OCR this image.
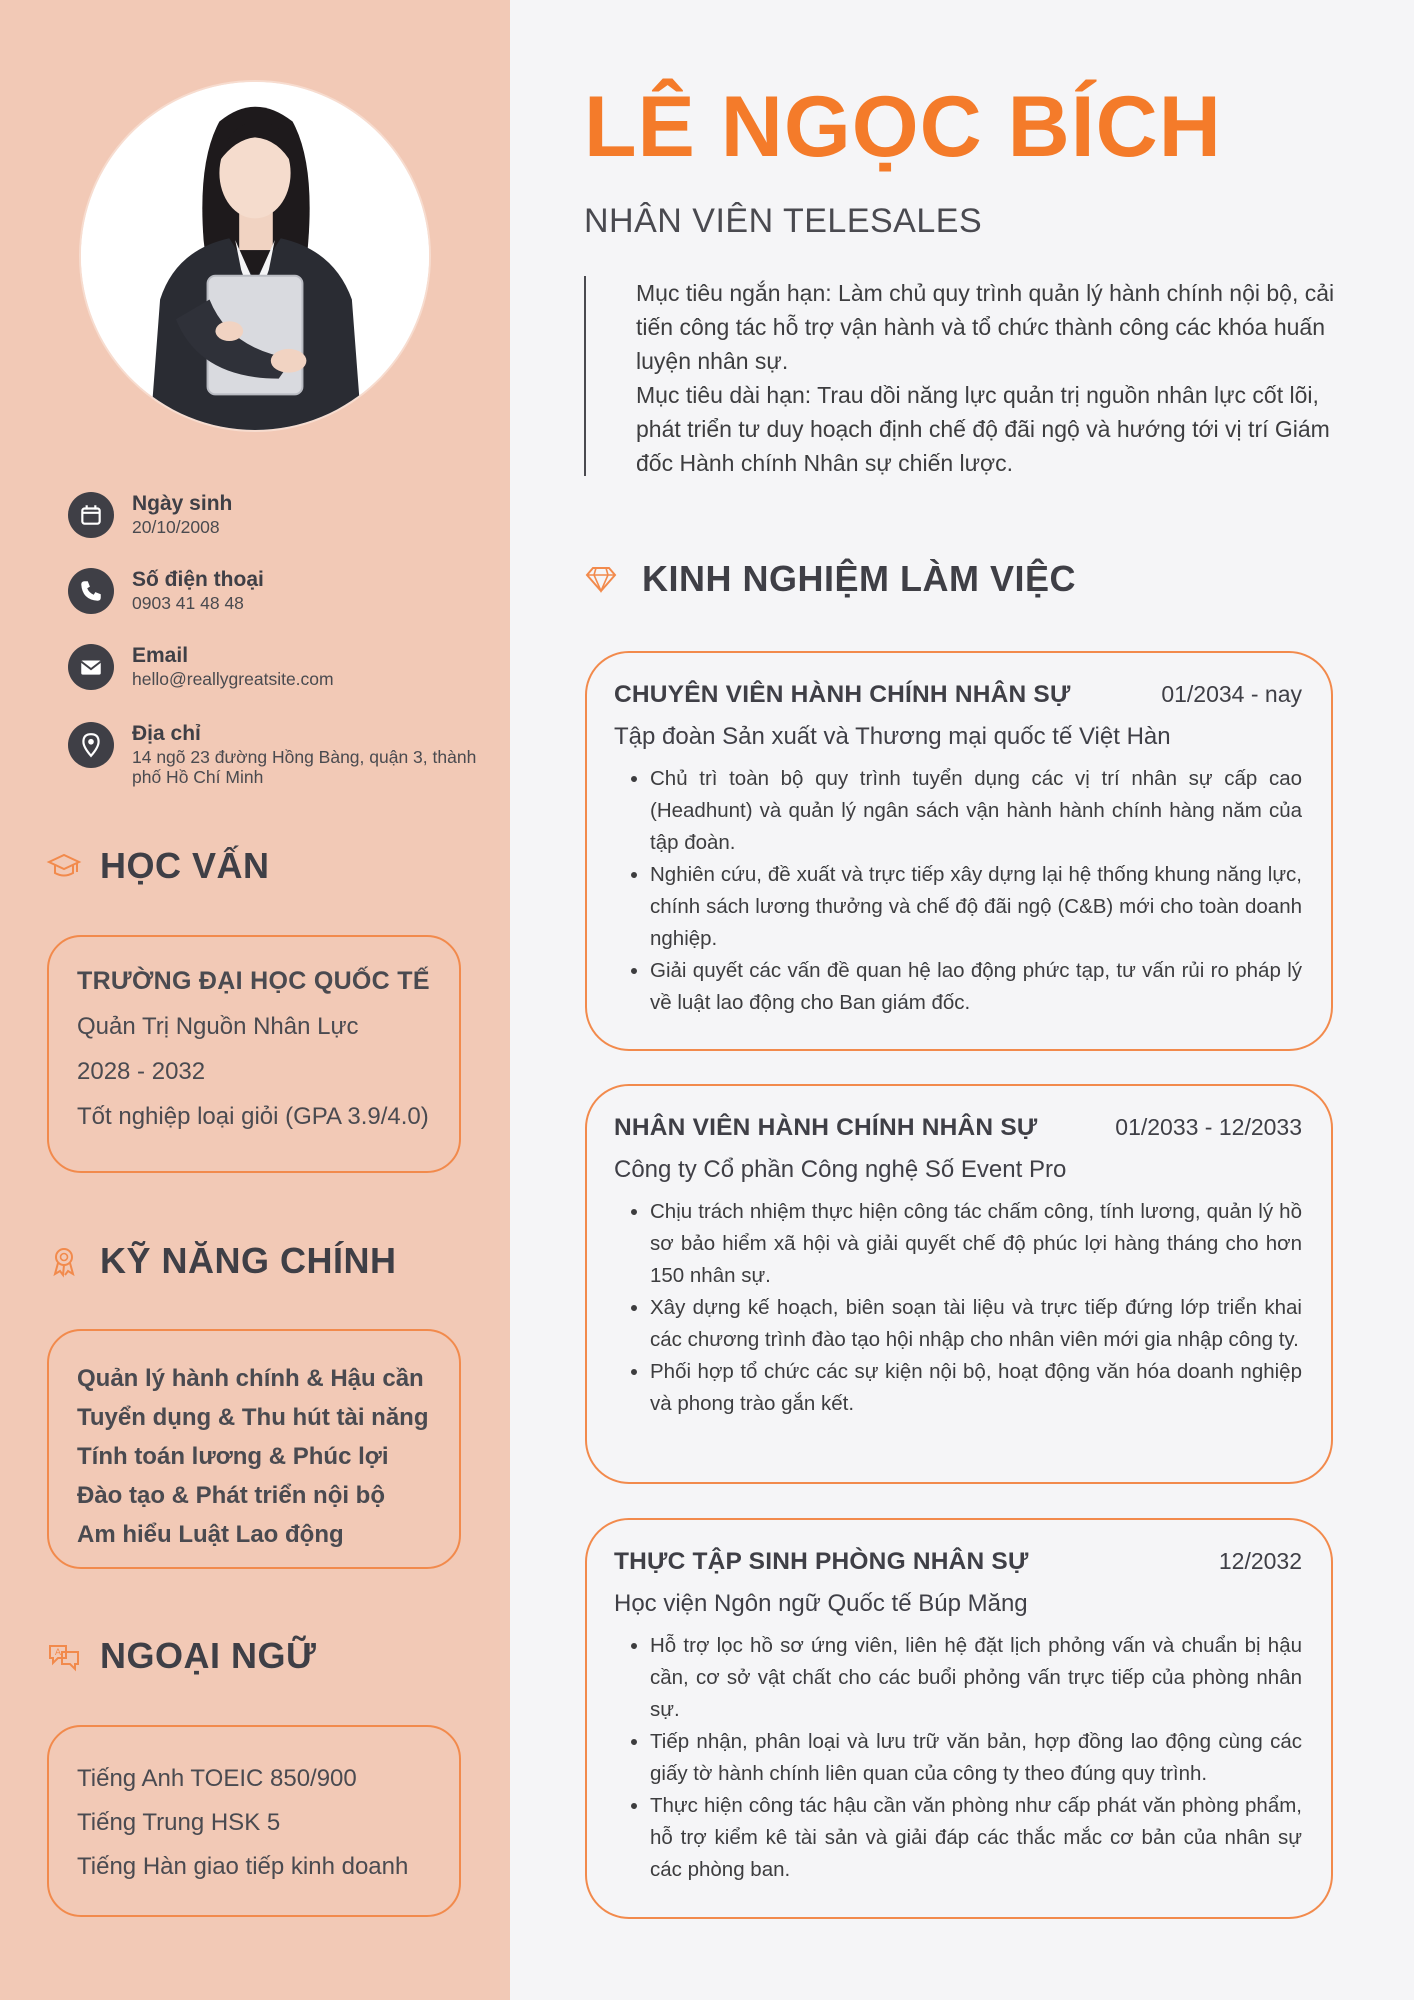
Ngày sinh
20/10/2008
Số điện thoại
0903 41 48 48
Email
hello@reallygreatsite.com
Địa chỉ
14 ngõ 23 đường Hồng Bàng, quận 3, thành phố Hồ Chí Minh
HỌC VẤN
TRƯỜNG ĐẠI HỌC QUỐC TẾ
Quản Trị Nguồn Nhân Lực
2028 - 2032
Tốt nghiệp loại giỏi (GPA 3.9/4.0)
KỸ NĂNG CHÍNH
Quản lý hành chính & Hậu cần
Tuyển dụng & Thu hút tài năng
Tính toán lương & Phúc lợi
Đào tạo & Phát triển nội bộ
Am hiểu Luật Lao động
A NGOẠI NGỮ
Tiếng Anh TOEIC 850/900
Tiếng Trung HSK 5
Tiếng Hàn giao tiếp kinh doanh
LÊ NGỌC BÍCH
NHÂN VIÊN TELESALES

Mục tiêu ngắn hạn: Làm chủ quy trình quản lý hành chính nội bộ, cải tiến công tác hỗ trợ vận hành và tổ chức thành công các khóa huấn luyện nhân sự.

Mục tiêu dài hạn: Trau dồi năng lực quản trị nguồn nhân lực cốt lõi, phát triển tư duy hoạch định chế độ đãi ngộ và hướng tới vị trí Giám đốc Hành chính Nhân sự chiến lược.

KINH NGHIỆM LÀM VIỆC
CHUYÊN VIÊN HÀNH CHÍNH NHÂN SỰ	01/2034 - nay
Tập đoàn Sản xuất và Thương mại quốc tế Việt Hàn
• Chủ trì toàn bộ quy trình tuyển dụng các vị trí nhân sự cấp cao (Headhunt) và quản lý ngân sách vận hành hành chính hàng năm của tập đoàn.
• Nghiên cứu, đề xuất và trực tiếp xây dựng lại hệ thống khung năng lực, chính sách lương thưởng và chế độ đãi ngộ (C&B) mới cho toàn doanh nghiệp.
• Giải quyết các vấn đề quan hệ lao động phức tạp, tư vấn rủi ro pháp lý về luật lao động cho Ban giám đốc.
NHÂN VIÊN HÀNH CHÍNH NHÂN SỰ	01/2033 - 12/2033
Công ty Cổ phần Công nghệ Số Event Pro
• Chịu trách nhiệm thực hiện công tác chấm công, tính lương, quản lý hồ sơ bảo hiểm xã hội và giải quyết chế độ phúc lợi hàng tháng cho hơn 150 nhân sự.
• Xây dựng kế hoạch, biên soạn tài liệu và trực tiếp đứng lớp triển khai các chương trình đào tạo hội nhập cho nhân viên mới gia nhập công ty.
• Phối hợp tổ chức các sự kiện nội bộ, hoạt động văn hóa doanh nghiệp và phong trào gắn kết.
THỰC TẬP SINH PHÒNG NHÂN SỰ	12/2032
Học viện Ngôn ngữ Quốc tế Búp Măng
• Hỗ trợ lọc hồ sơ ứng viên, liên hệ đặt lịch phỏng vấn và chuẩn bị hậu cần, cơ sở vật chất cho các buổi phỏng vấn trực tiếp của phòng nhân sự.
• Tiếp nhận, phân loại và lưu trữ văn bản, hợp đồng lao động cùng các giấy tờ hành chính liên quan của công ty theo đúng quy trình.
• Thực hiện công tác hậu cần văn phòng như cấp phát văn phòng phẩm, hỗ trợ kiểm kê tài sản và giải đáp các thắc mắc cơ bản của nhân sự các phòng ban.
